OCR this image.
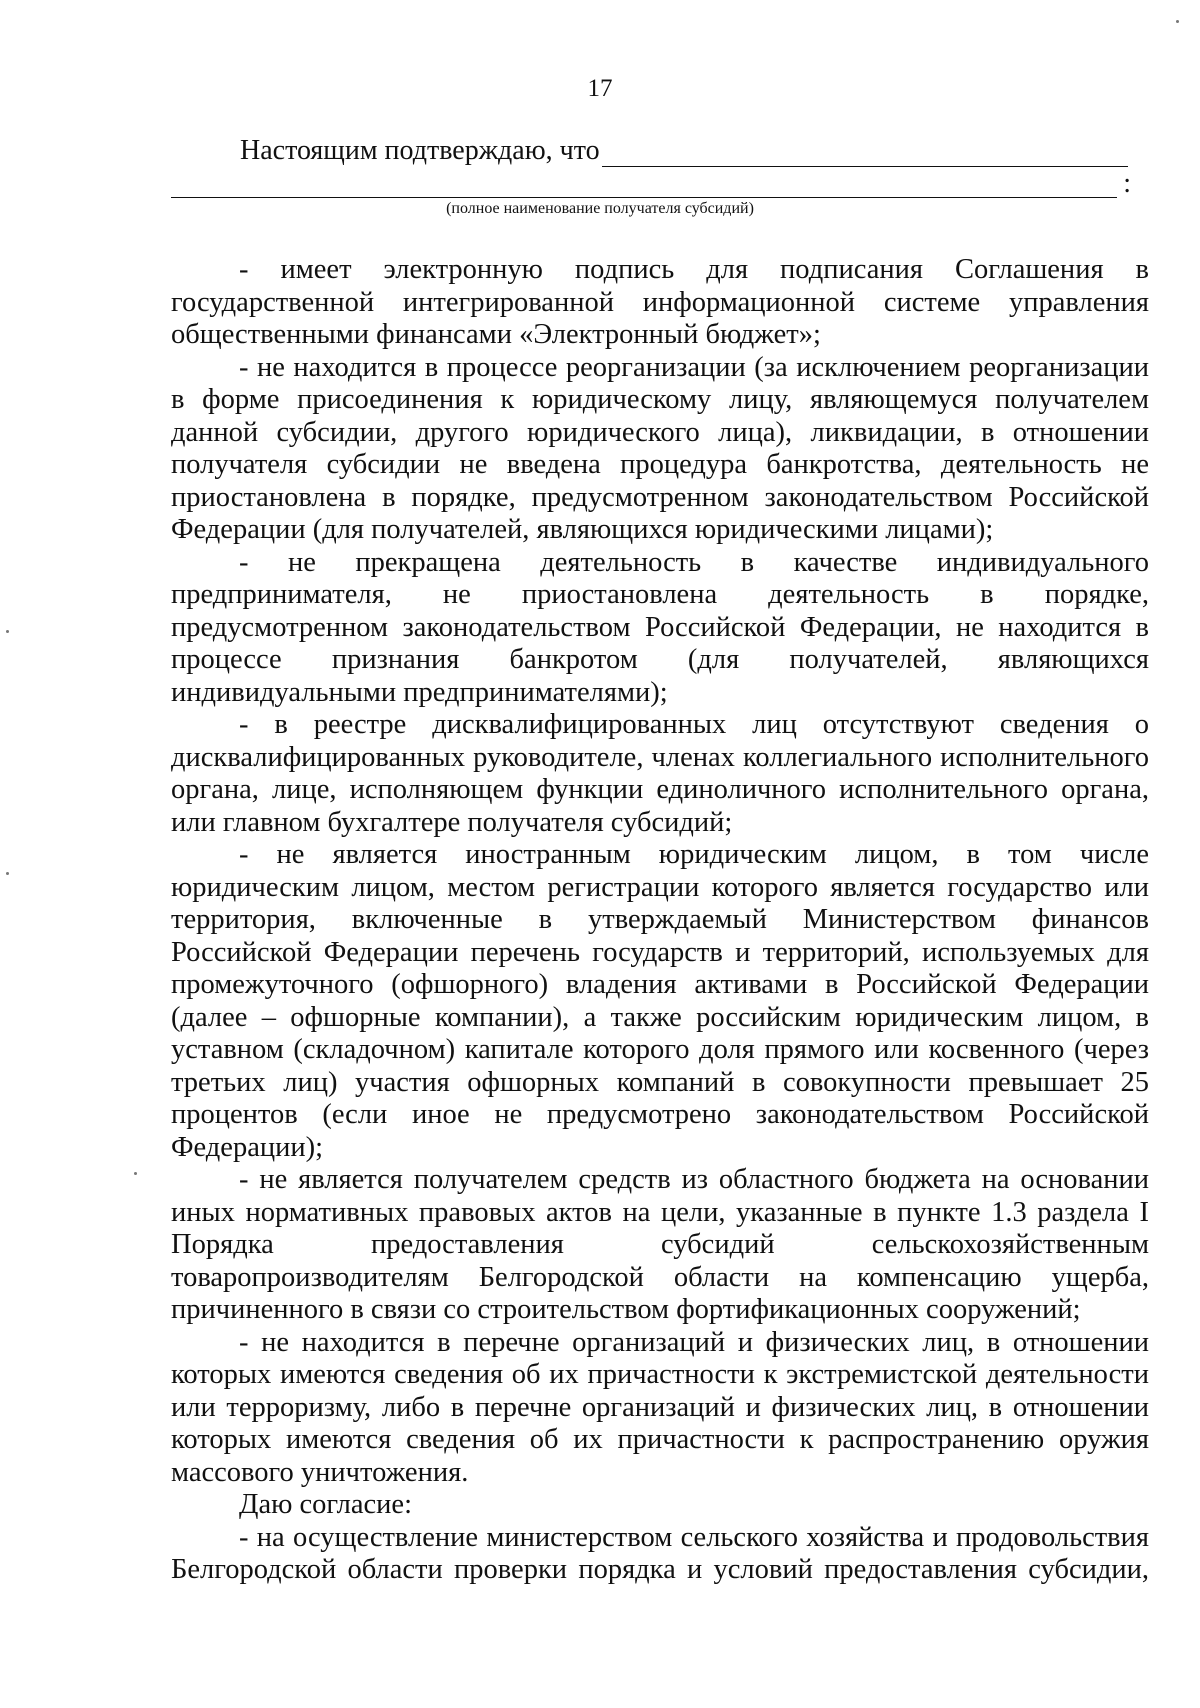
17
Настоящим подтверждаю, что
:
(полное наименование получателя субсидий)

- имеет электронную подпись для подписания Соглашения в государственной интегрированной информационной системе управления общественными финансами «Электронный бюджет»;

- не находится в процессе реорганизации (за исключением реорганизации в форме присоединения к юридическому лицу, являющемуся получателем данной субсидии, другого юридического лица), ликвидации, в отношении получателя субсидии не введена процедура банкротства, деятельность не приостановлена в порядке, предусмотренном законодательством Российской Федерации (для получателей, являющихся юридическими лицами);

- не прекращена деятельность в качестве индивидуального предпринимателя, не приостановлена деятельность в порядке, предусмотренном законодательством Российской Федерации, не находится в процессе признания банкротом (для получателей, являющихся индивидуальными предпринимателями);

- в реестре дисквалифицированных лиц отсутствуют сведения о дисквалифицированных руководителе, членах коллегиального исполнительного органа, лице, исполняющем функции единоличного исполнительного органа, или главном бухгалтере получателя субсидий;

- не является иностранным юридическим лицом, в том числе юридическим лицом, местом регистрации которого является государство или территория, включенные в утверждаемый Министерством финансов Российской Федерации перечень государств и территорий, используемых для промежуточного (офшорного) владения активами в Российской Федерации (далее – офшорные компании), а также российским юридическим лицом, в уставном (складочном) капитале которого доля прямого или косвенного (через третьих лиц) участия офшорных компаний в совокупности превышает 25 процентов (если иное не предусмотрено законодательством Российской Федерации);

- не является получателем средств из областного бюджета на основании иных нормативных правовых актов на цели, указанные в пункте 1.3 раздела I Порядка предоставления субсидий сельскохозяйственным товаропроизводителям Белгородской области на компенсацию ущерба, причиненного в связи со строительством фортификационных сооружений;

- не находится в перечне организаций и физических лиц, в отношении которых имеются сведения об их причастности к экстремистской деятельности или терроризму, либо в перечне организаций и физических лиц, в отношении которых имеются сведения об их причастности к распространению оружия массового уничтожения.

Даю согласие:

- на осуществление министерством сельского хозяйства и продовольствия Белгородской области проверки порядка и условий предоставления субсидии,
